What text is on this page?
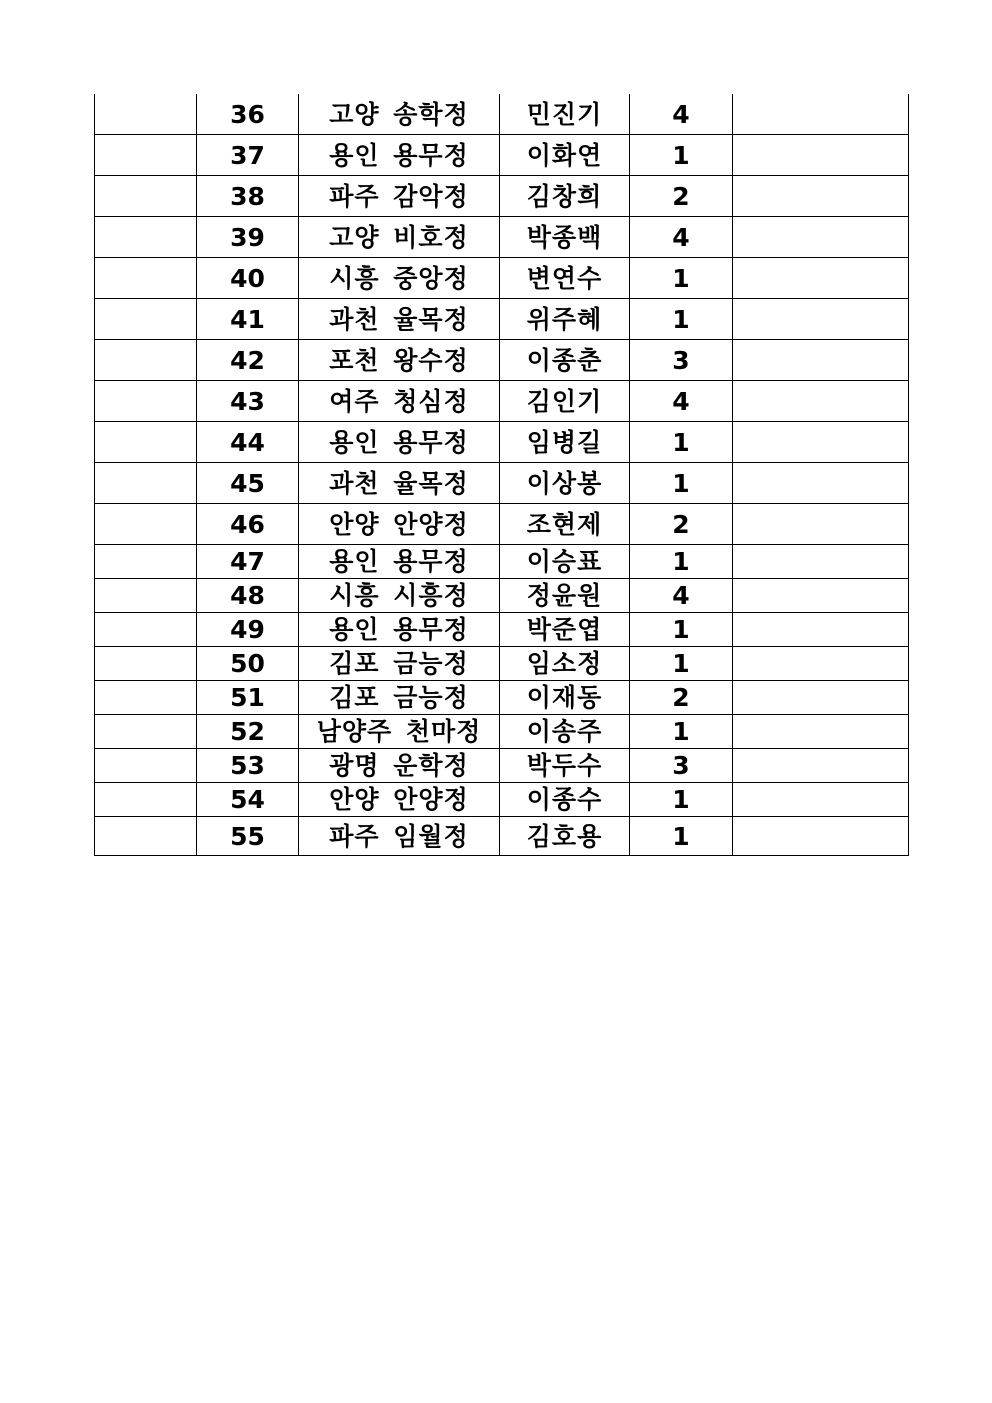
	36	고양 송학정	민진기	4	
	37	용인 용무정	이화연	1	
	38	파주 감악정	김창희	2	
	39	고양 비호정	박종백	4	
	40	시흥 중앙정	변연수	1	
	41	과천 율목정	위주혜	1	
	42	포천 왕수정	이종춘	3	
	43	여주 청심정	김인기	4	
	44	용인 용무정	임병길	1	
	45	과천 율목정	이상봉	1	
	46	안양 안양정	조현제	2	
	47	용인 용무정	이승표	1	
	48	시흥 시흥정	정윤원	4	
	49	용인 용무정	박준엽	1	
	50	김포 금능정	임소정	1	
	51	김포 금능정	이재동	2	
	52	남양주 천마정	이송주	1	
	53	광명 운학정	박두수	3	
	54	안양 안양정	이종수	1	
	55	파주 임월정	김호용	1	
